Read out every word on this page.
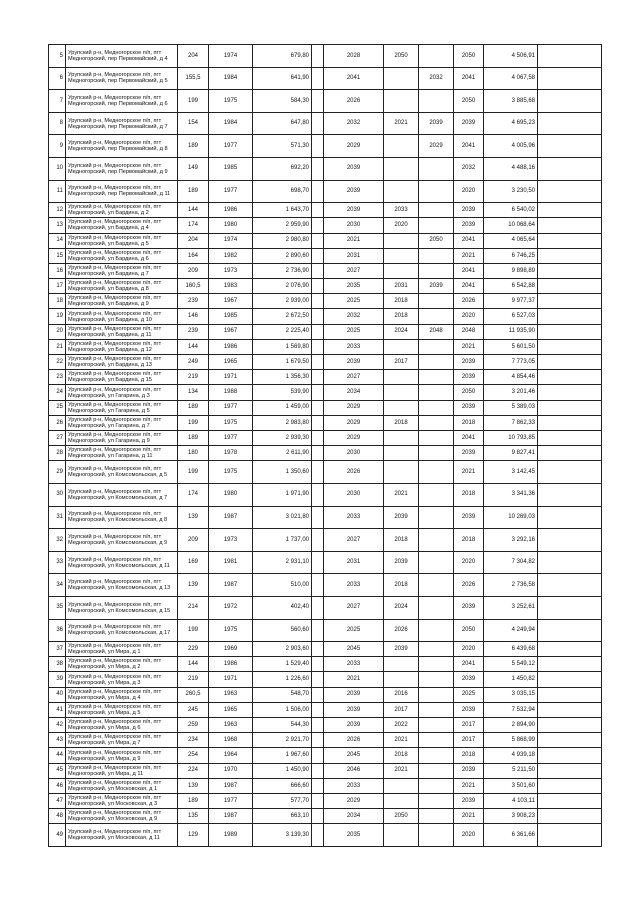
5	Урупский р-н, Медногорское п/п, пгт Медногорский, пер Первомайский, д 4	204	1974	679,80		2028	2050		2050	4 506,91	
6	Урупский р-н, Медногорское п/п, пгт Медногорский, пер Первомайский, д 5	155,5	1984	641,90		2041		2032	2041	4 067,58	
7	Урупский р-н, Медногорское п/п, пгт Медногорский, пер Первомайский, д 6	199	1975	584,30		2026			2050	3 885,68	
8	Урупский р-н, Медногорское п/п, пгт Медногорский, пер Первомайский, д 7	154	1984	647,80		2032	2021	2039	2039	4 695,23	
9	Урупский р-н, Медногорское п/п, пгт Медногорский, пер Первомайский, д 8	189	1977	571,30		2029		2029	2041	4 005,96	
10	Урупский р-н, Медногорское п/п, пгт Медногорский, пер Первомайский, д 9	149	1985	692,20		2039			2032	4 488,16	
11	Урупский р-н, Медногорское п/п, пгт Медногорский, пер Первомайский, д 11	189	1977	698,70		2039			2020	3 230,50	
12	Урупский р-н, Медногорское п/п, пгт Медногорский, ул Бардина, д 2	144	1986	1 643,70		2039	2033		2039	6 540,02	
13	Урупский р-н, Медногорское п/п, пгт Медногорский, ул Бардина, д 4	174	1980	2 959,90		2030	2020		2039	10 068,64	
14	Урупский р-н, Медногорское п/п, пгт Медногорский, ул Бардина, д 5	204	1974	2 980,80		2021		2050	2041	4 065,64	
15	Урупский р-н, Медногорское п/п, пгт Медногорский, ул Бардина, д 6	164	1982	2 890,60		2031			2021	6 746,25	
16	Урупский р-н, Медногорское п/п, пгт Медногорский, ул Бардина, д 7	209	1973	2 736,90		2027			2041	9 898,89	
17	Урупский р-н, Медногорское п/п, пгт Медногорский, ул Бардина, д 8	160,5	1983	2 076,90		2035	2031	2039	2041	6 542,88	
18	Урупский р-н, Медногорское п/п, пгт Медногорский, ул Бардина, д 9	239	1967	2 939,00		2025	2018		2026	9 977,37	
19	Урупский р-н, Медногорское п/п, пгт Медногорский, ул Бардина, д 10	146	1985	2 672,50		2032	2018		2020	6 527,03	
20	Урупский р-н, Медногорское п/п, пгт Медногорский, ул Бардина, д 11	239	1967	2 225,40		2025	2024	2048	2048	11 935,90	
21	Урупский р-н, Медногорское п/п, пгт Медногорский, ул Бардина, д 12	144	1986	1 569,80		2033			2021	5 601,50	
22	Урупский р-н, Медногорское п/п, пгт Медногорский, ул Бардина, д 13	249	1965	1 679,50		2039	2017		2039	7 773,05	
23	Урупский р-н, Медногорское п/п, пгт Медногорский, ул Бардина, д 15	219	1971	1 356,30		2027			2039	4 854,46	
24	Урупский р-н, Медногорское п/п, пгт Медногорский, ул Гагарина, д 3	134	1988	539,90		2034			2050	3 201,46	
25	Урупский р-н, Медногорское п/п, пгт Медногорский, ул Гагарина, д 5	189	1977	1 459,00		2029			2039	5 389,03	
26	Урупский р-н, Медногорское п/п, пгт Медногорский, ул Гагарина, д 7	199	1975	2 983,80		2029	2018		2018	7 862,33	
27	Урупский р-н, Медногорское п/п, пгт Медногорский, ул Гагарина, д 9	189	1977	2 939,30		2029			2041	10 793,85	
28	Урупский р-н, Медногорское п/п, пгт Медногорский, ул Гагарина, д 11	180	1978	2 611,90		2030			2039	9 827,41	
29	Урупский р-н, Медногорское п/п, пгт Медногорский, ул Комсомольская, д 5	199	1975	1 350,60		2026			2021	3 142,45	
30	Урупский р-н, Медногорское п/п, пгт Медногорский, ул Комсомольская, д 7	174	1980	1 971,90		2030	2021		2018	3 341,36	
31	Урупский р-н, Медногорское п/п, пгт Медногорский, ул Комсомольская, д 8	139	1987	3 021,80		2033	2039		2039	10 269,03	
32	Урупский р-н, Медногорское п/п, пгт Медногорский, ул Комсомольская, д 9	209	1973	1 737,00		2027	2018		2018	3 292,16	
33	Урупский р-н, Медногорское п/п, пгт Медногорский, ул Комсомольская, д 11	169	1981	2 931,10		2031	2039		2020	7 304,82	
34	Урупский р-н, Медногорское п/п, пгт Медногорский, ул Комсомольская, д 13	139	1987	510,00		2033	2018		2026	2 736,58	
35	Урупский р-н, Медногорское п/п, пгт Медногорский, ул Комсомольская, д 15	214	1972	402,40		2027	2024		2039	3 252,61	
36	Урупский р-н, Медногорское п/п, пгт Медногорский, ул Комсомольская, д 17	199	1975	560,60		2025	2026		2050	4 249,94	
37	Урупский р-н, Медногорское п/п, пгт Медногорский, ул Мира, д 1	229	1969	2 903,60		2045	2039		2020	6 439,68	
38	Урупский р-н, Медногорское п/п, пгт Медногорский, ул Мира, д 2	144	1986	1 529,40		2033			2041	5 549,12	
39	Урупский р-н, Медногорское п/п, пгт Медногорский, ул Мира, д 3	219	1971	1 226,60		2021			2039	1 450,82	
40	Урупский р-н, Медногорское п/п, пгт Медногорский, ул Мира, д 4	260,5	1963	548,70		2039	2016		2025	3 035,15	
41	Урупский р-н, Медногорское п/п, пгт Медногорский, ул Мира, д 5	245	1965	1 506,00		2039	2017		2039	7 532,94	
42	Урупский р-н, Медногорское п/п, пгт Медногорский, ул Мира, д 6	259	1963	544,30		2039	2022		2017	2 894,90	
43	Урупский р-н, Медногорское п/п, пгт Медногорский, ул Мира, д 7	234	1968	2 921,70		2026	2021		2017	5 868,99	
44	Урупский р-н, Медногорское п/п, пгт Медногорский, ул Мира, д 9	254	1964	1 967,60		2045	2018		2018	4 939,18	
45	Урупский р-н, Медногорское п/п, пгт Медногорский, ул Мира, д 11	224	1970	1 450,90		2046	2021		2039	5 211,50	
46	Урупский р-н, Медногорское п/п, пгт Медногорский, ул Московская, д 1	139	1987	666,60		2033			2021	3 501,60	
47	Урупский р-н, Медногорское п/п, пгт Медногорский, ул Московская, д 3	189	1977	577,70		2029			2039	4 103,11	
48	Урупский р-н, Медногорское п/п, пгт Медногорский, ул Московская, д 9	135	1987	663,10		2034	2050		2021	3 908,23	
49	Урупский р-н, Медногорское п/п, пгт Медногорский, ул Московская, д 11	129	1989	3 139,30		2035			2020	6 361,66	
